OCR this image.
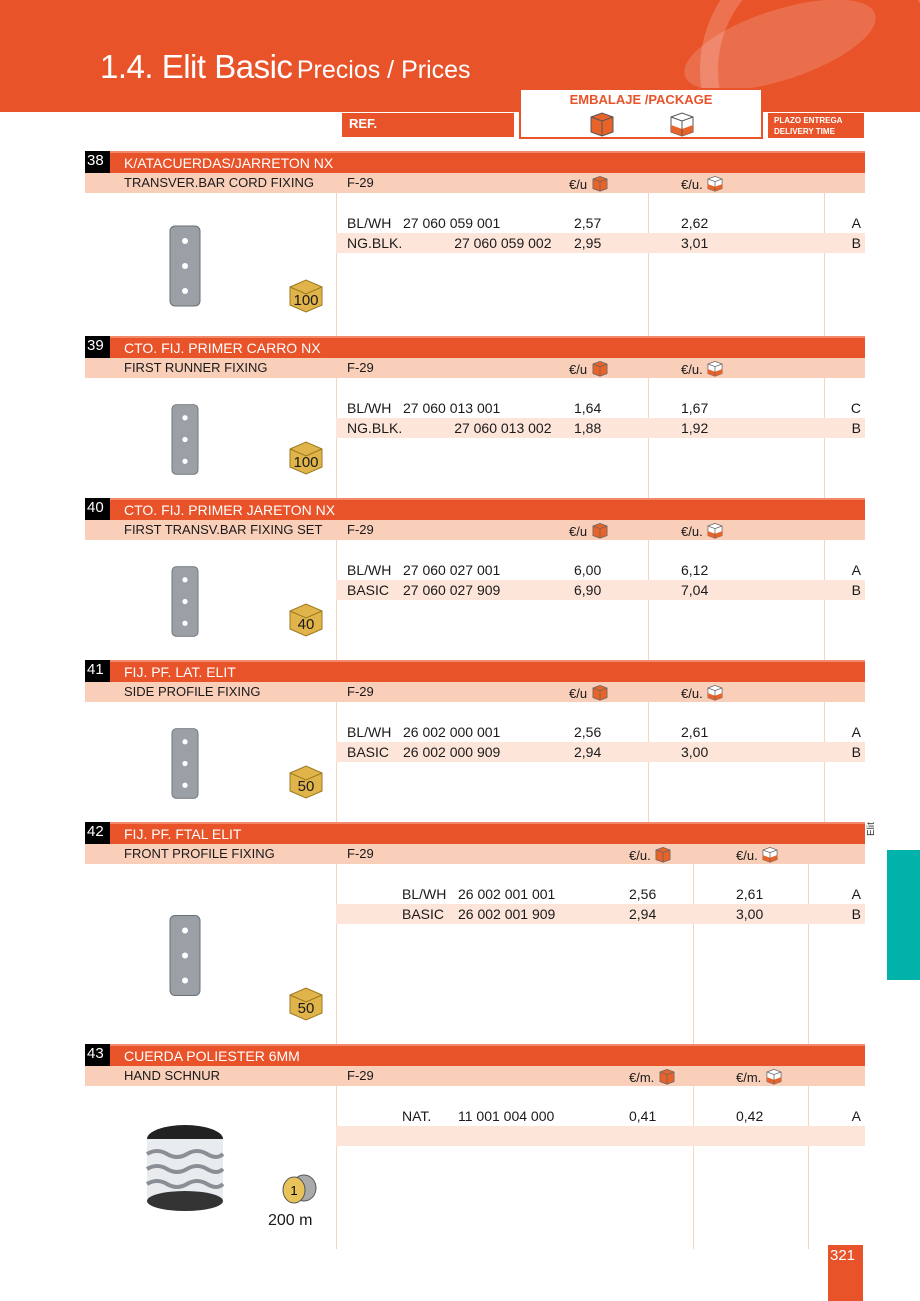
1.4. Elit Basic Precios / Prices
REF.
EMBALAJE /PACKAGE
PLAZO ENTREGA
DELIVERY TIME
38	K/ATACUERDAS/JARRETON NX
TRANSVER.BAR CORD FIXING	F-29	€/u	€/u.
BL/WH 27 060 059 001	2,57	2,62	A
NG.BLK.	27 060 059 002 2,95	3,01	B
100
39	CTO. FIJ. PRIMER CARRO NX
FIRST RUNNER FIXING	F-29	€/u	€/u.
BL/WH 27 060 013 001	1,64	1,67	C
NG.BLK.	27 060 013 002 1,88	1,92	B
100
40	CTO. FIJ. PRIMER JARETON NX
FIRST TRANSV.BAR FIXING SET F-29	€/u	€/u.
BL/WH 27 060 027 001	6,00	6,12	A
BASIC 27 060 027 909	6,90	7,04	B
40
41	FIJ. PF. LAT. ELIT
SIDE PROFILE FIXING	F-29	€/u	€/u.
BL/WH 26 002 000 001	2,56	2,61	A
BASIC 26 002 000 909	2,94	3,00	B
50
42	FIJ. PF. FTAL ELIT
FRONT PROFILE FIXING	F-29	€/u.	€/u.
BL/WH 26 002 001 001	2,56	2,61	A
BASIC 26 002 001 909	2,94	3,00	B
50
43	CUERDA POLIESTER 6MM
HAND SCHNUR	F-29	€/m.	€/m.
NAT. 11 001 004 000	0,41	0,42	A
1
200 m
Elit
321
